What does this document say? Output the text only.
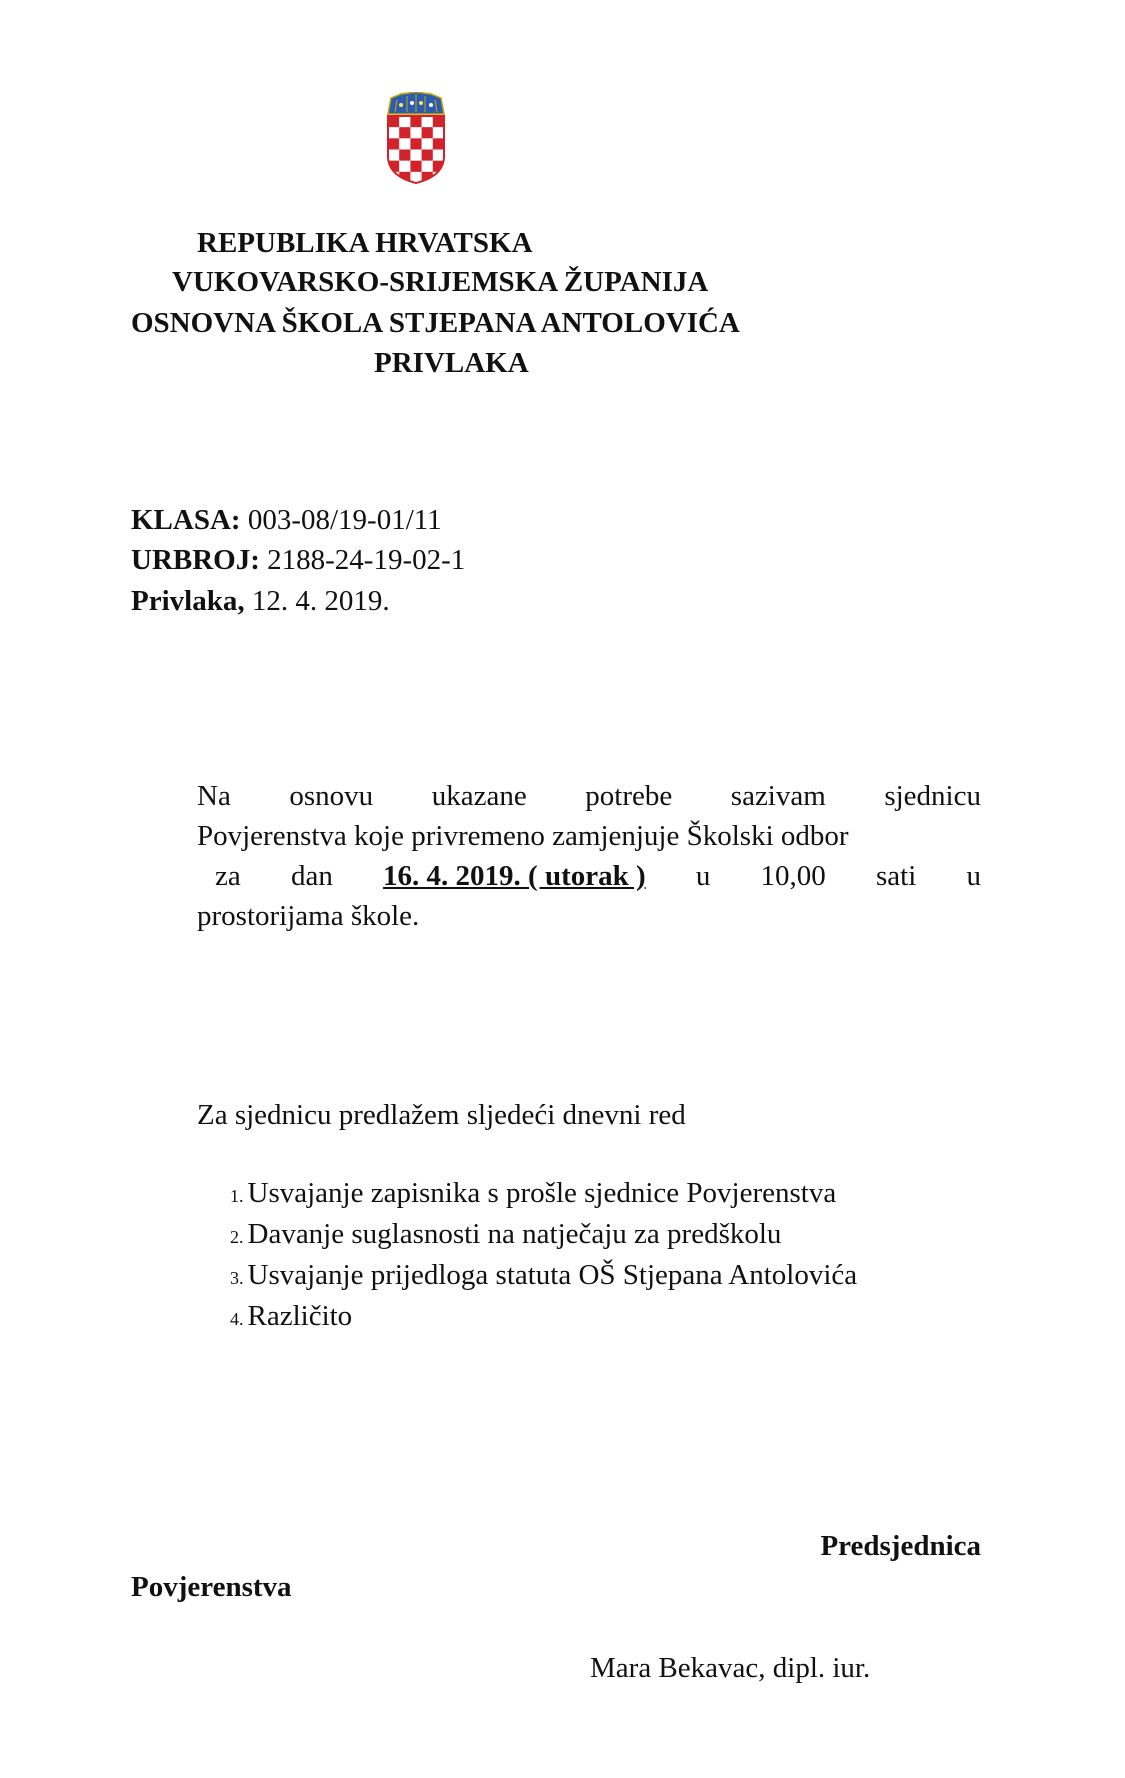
REPUBLIKA HRVATSKA
VUKOVARSKO-SRIJEMSKA ŽUPANIJA
OSNOVNA ŠKOLA STJEPANA ANTOLOVIĆA
PRIVLAKA
KLASA: 003-08/19-01/11
URBROJ: 2188-24-19-02-1
Privlaka, 12. 4. 2019.
Na osnovu ukazane potrebe sazivam sjednicu
Povjerenstva koje privremeno zamjenjuje Školski odbor
za dan 16. 4. 2019. ( utorak ) u 10,00 sati u
prostorijama škole.
Za sjednicu predlažem sljedeći dnevni red
1. Usvajanje zapisnika s prošle sjednice Povjerenstva
2. Davanje suglasnosti na natječaju za predškolu
3. Usvajanje prijedloga statuta OŠ Stjepana Antolovića
4. Različito
Predsjednica
Povjerenstva
Mara Bekavac, dipl. iur.
